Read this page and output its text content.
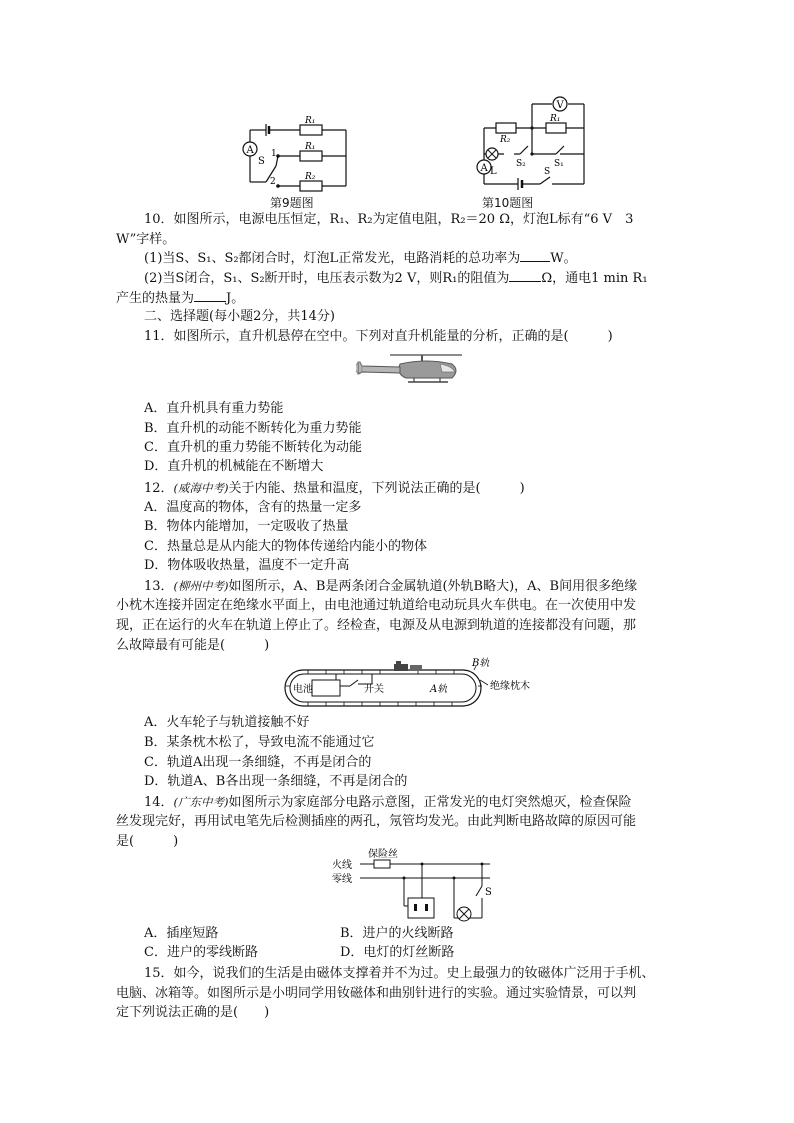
A
R₁
R₁
R₂
S
1
2
第9题图
V
R₂
R₁
A L
S₂	S₁
S
第10题图
10．如图所示，电源电压恒定，R₁、R₂为定值电阻，R₂＝20 Ω，灯泡L标有“6 V　3
W”字样。
(1)当S、S₁、S₂都闭合时，灯泡L正常发光，电路消耗的总功率为 W。
(2)当S闭合，S₁、S₂断开时，电压表示数为2 V，则R₁的阻值为 Ω，通电1 min R₁
产生的热量为 J。
二、选择题(每小题2分，共14分)
11．如图所示，直升机悬停在空中。下列对直升机能量的分析，正确的是(　　　)
A．直升机具有重力势能
B．直升机的动能不断转化为重力势能
C．直升机的重力势能不断转化为动能
D．直升机的机械能在不断增大
12．(威海中考)关于内能、热量和温度，下列说法正确的是(　　　)
A．温度高的物体，含有的热量一定多
B．物体内能增加，一定吸收了热量
C．热量总是从内能大的物体传递给内能小的物体
D．物体吸收热量，温度不一定升高
13．(柳州中考)如图所示，A、B是两条闭合金属轨道(外轨B略大)，A、B间用很多绝缘
小枕木连接并固定在绝缘水平面上，由电池通过轨道给电动玩具火车供电。在一次使用中发
现，正在运行的火车在轨道上停止了。经检查，电源及从电源到轨道的连接都没有问题，那
么故障最有可能是(　　　)
电池	开关	A轨
B轨
绝缘枕木
A．火车轮子与轨道接触不好
B．某条枕木松了，导致电流不能通过它
C．轨道A出现一条细缝，不再是闭合的
D．轨道A、B各出现一条细缝，不再是闭合的
14．(广东中考)如图所示为家庭部分电路示意图，正常发光的电灯突然熄灭，检查保险
丝发现完好，再用试电笔先后检测插座的两孔，氖管均发光。由此判断电路故障的原因可能
是(　　　)
火线
零线
保险丝
S
A．插座短路	B．进户的火线断路
C．进户的零线断路	D．电灯的灯丝断路
15．如今，说我们的生活是由磁体支撑着并不为过。史上最强力的钕磁体广泛用于手机、
电脑、冰箱等。如图所示是小明同学用钕磁体和曲别针进行的实验。通过实验情景，可以判
定下列说法正确的是(　　)
